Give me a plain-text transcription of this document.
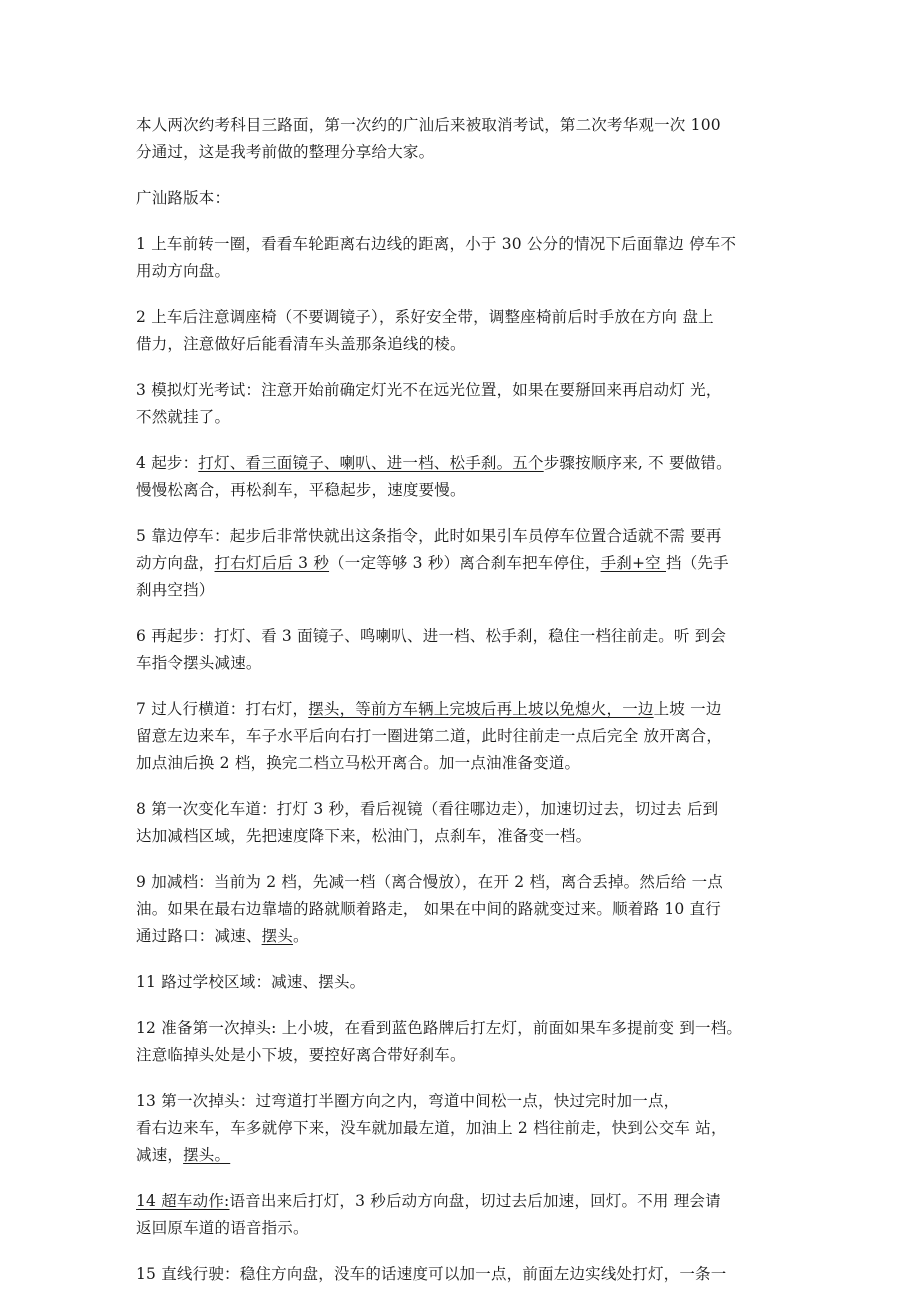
本人两次约考科目三路面，第一次约的广汕后来被取消考试，第二次考华观一次 100
分通过，这是我考前做的整理分享给大家。

广汕路版本：

1 上车前转一圈，看看车轮距离右边线的距离，小于 30 公分的情况下后面靠边 停车不
用动方向盘。

2 上车后注意调座椅（不要调镜子），系好安全带，调整座椅前后时手放在方向 盘上
借力，注意做好后能看清车头盖那条追线的棱。

3 模拟灯光考试：注意开始前确定灯光不在远光位置，如果在要掰回来再启动灯 光，
不然就挂了。

4 起步：打灯、看三面镜子、喇叭、进一档、松手刹。五个步骤按顺序来, 不 要做错。
慢慢松离合，再松刹车，平稳起步，速度要慢。

5 靠边停车：起步后非常快就出这条指令，此时如果引车员停车位置合适就不需 要再
动方向盘，打右灯后后 3 秒（一定等够 3 秒）离合刹车把车停住，手刹+空 挡（先手
刹冉空挡）

6 再起步：打灯、看 3 面镜子、鸣喇叭、进一档、松手刹，稳住一档往前走。听 到会
车指令摆头减速。

7 过人行横道：打右灯，摆头，等前方车辆上完坡后再上坡以免熄火，一边上坡 一边
留意左边来车，车子水平后向右打一圈进第二道，此时往前走一点后完全 放开离合，
加点油后换 2 档，换完二档立马松开离合。加一点油准备变道。

8 第一次变化车道：打灯 3 秒，看后视镜（看往哪边走），加速切过去，切过去 后到
达加减档区域，先把速度降下来，松油门，点刹车，准备变一档。

9 加减档：当前为 2 档，先减一档（离合慢放），在开 2 档，离合丢掉。然后给 一点
油。如果在最右边靠墙的路就顺着路走， 如果在中间的路就变过来。顺着路 10 直行
通过路口：减速、摆头。

11 路过学校区域：减速、摆头。

12 准备第一次掉头: 上小坡，在看到蓝色路牌后打左灯，前面如果车多提前变 到一档。
注意临掉头处是小下坡，要控好离合带好刹车。

13 第一次掉头：过弯道打半圈方向之内，弯道中间松一点，快过完时加一点，
看右边来车，车多就停下来，没车就加最左道，加油上 2 档往前走，快到公交车 站，
减速，摆头。

14 超车动作:语音出来后打灯，3 秒后动方向盘，切过去后加速，回灯。不用 理会请
返回原车道的语音指示。

15 直线行驶：稳住方向盘，没车的话速度可以加一点，前面左边实线处打灯，一条一
